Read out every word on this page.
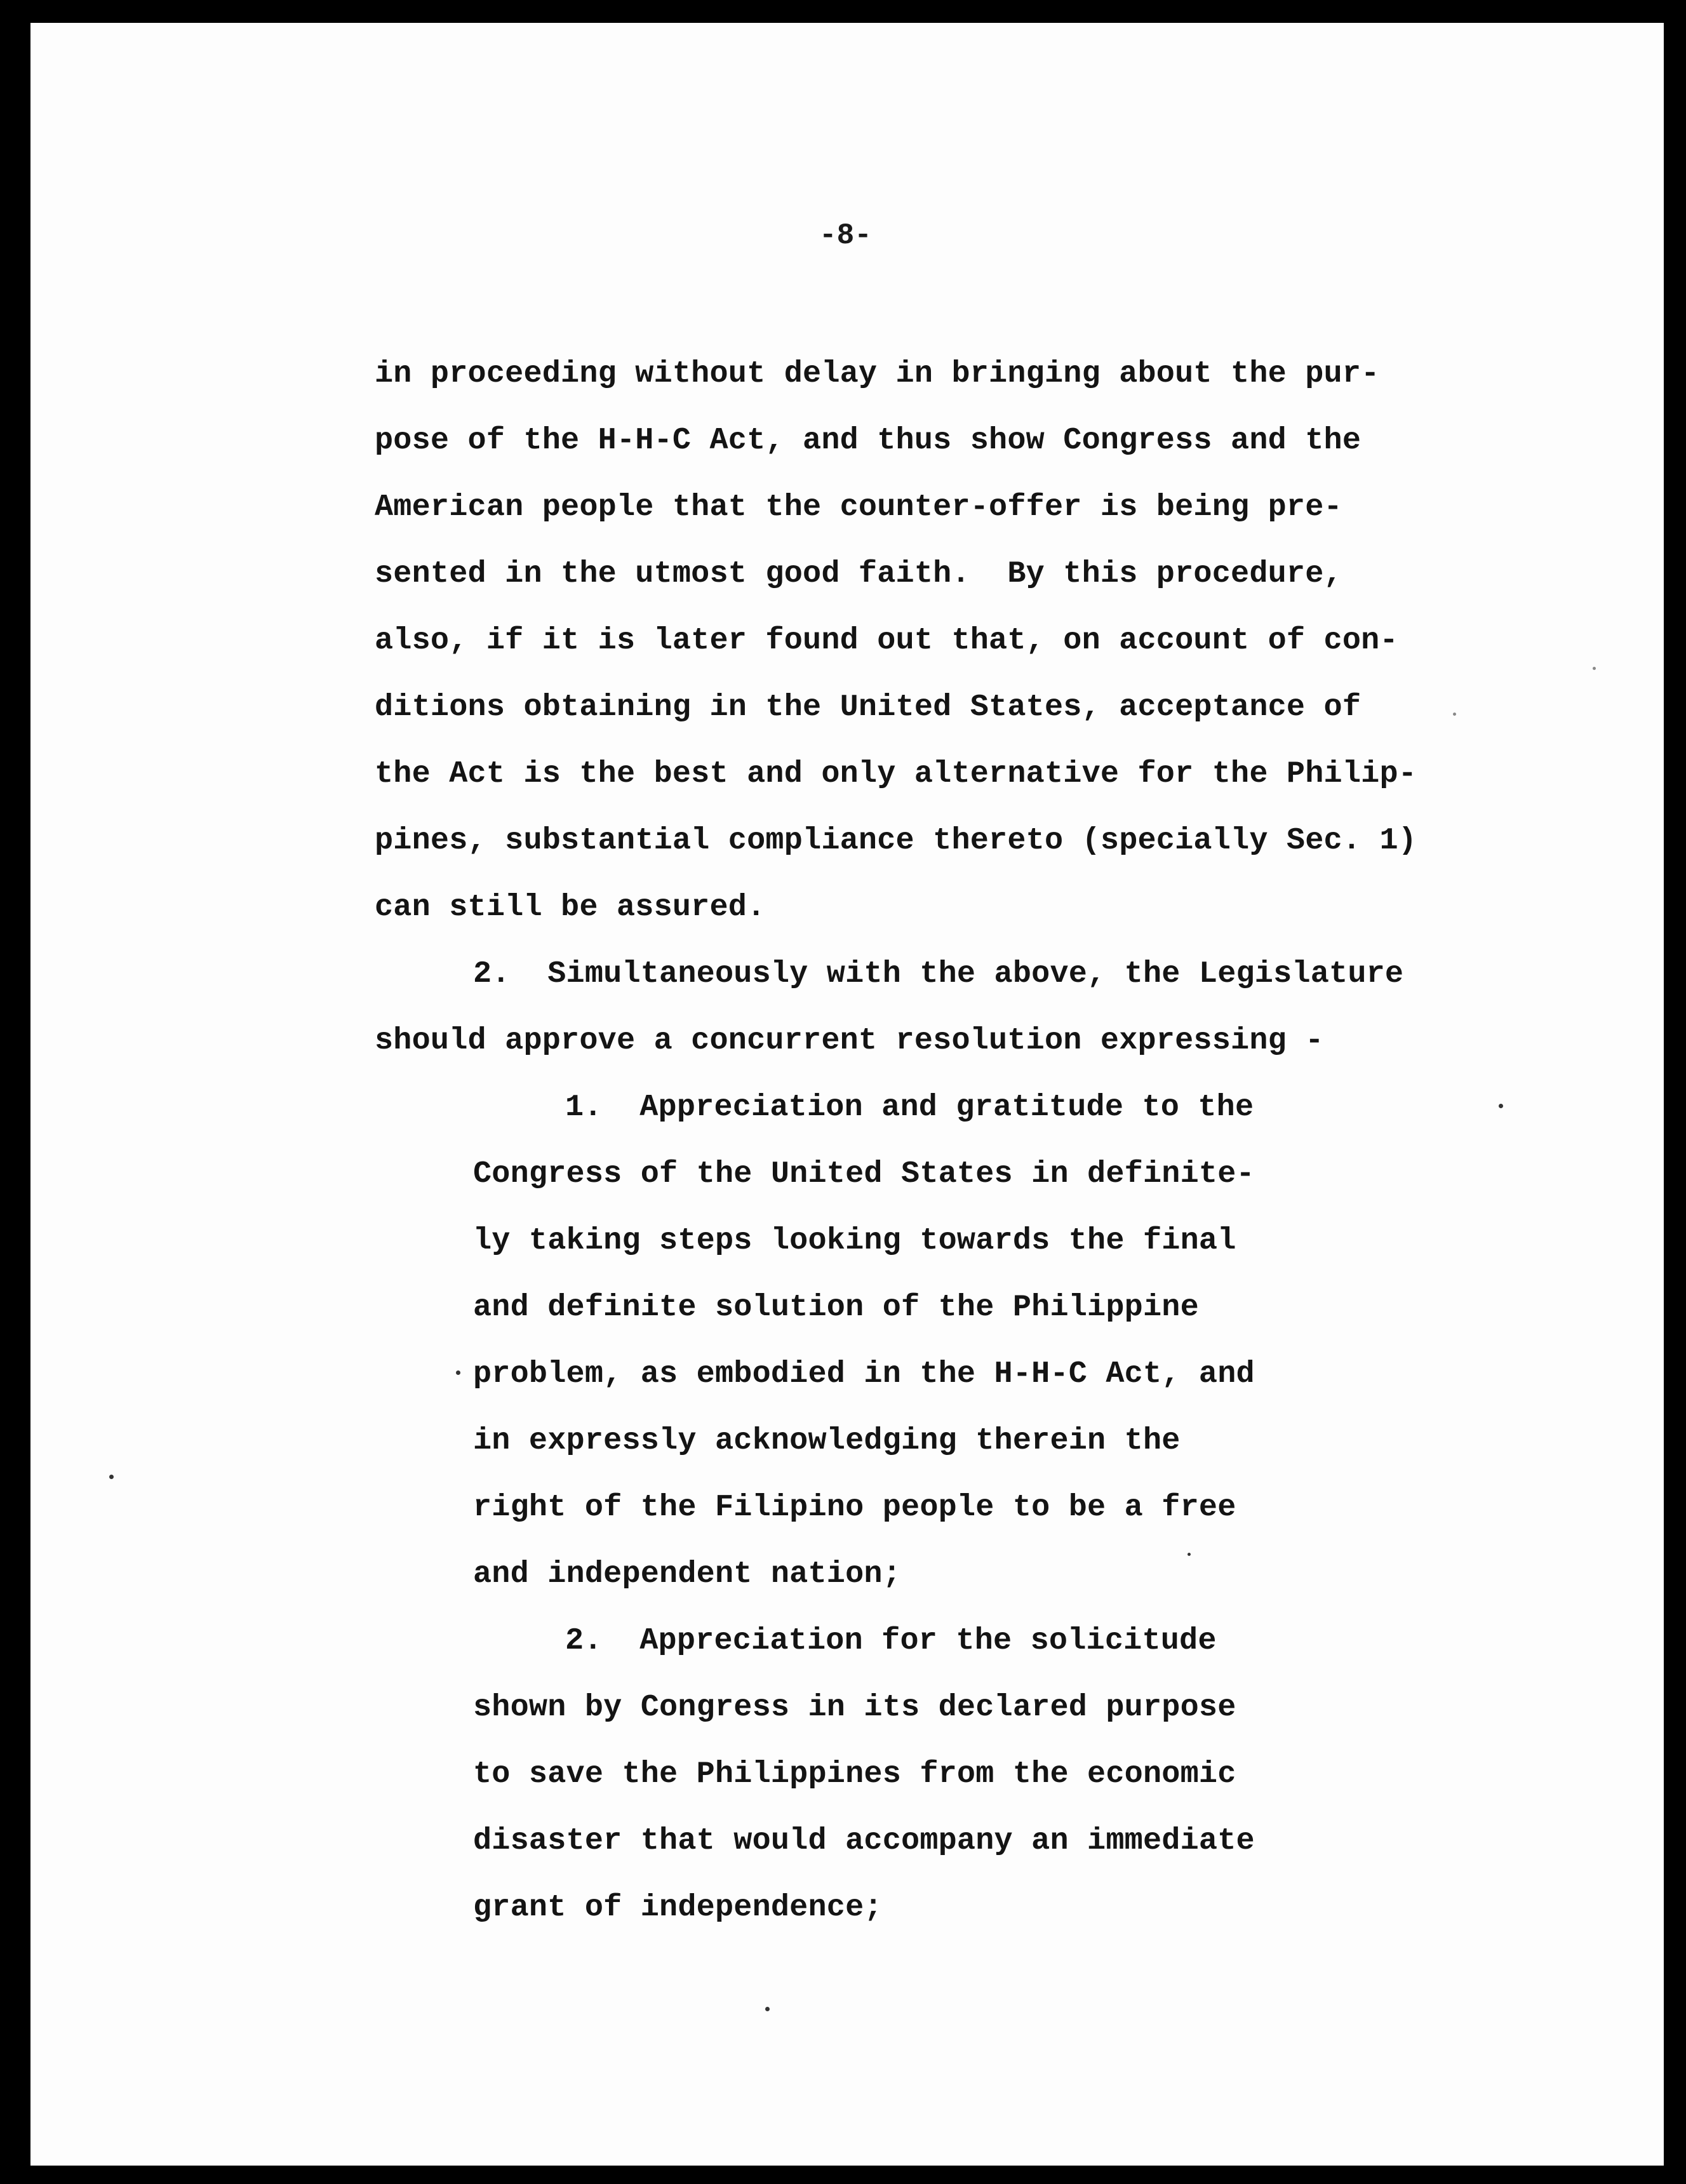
-8-
in proceeding without delay in bringing about the pur-
pose of the H-H-C Act, and thus show Congress and the
American people that the counter-offer is being pre-
sented in the utmost good faith.  By this procedure,
also, if it is later found out that, on account of con-
ditions obtaining in the United States, acceptance of
the Act is the best and only alternative for the Philip-
pines, substantial compliance thereto (specially Sec. 1)
can still be assured.
2.  Simultaneously with the above, the Legislature
should approve a concurrent resolution expressing -
1.  Appreciation and gratitude to the
Congress of the United States in definite-
ly taking steps looking towards the final
and definite solution of the Philippine
problem, as embodied in the H-H-C Act, and
in expressly acknowledging therein the
right of the Filipino people to be a free
and independent nation;
2.  Appreciation for the solicitude
shown by Congress in its declared purpose
to save the Philippines from the economic
disaster that would accompany an immediate
grant of independence;
